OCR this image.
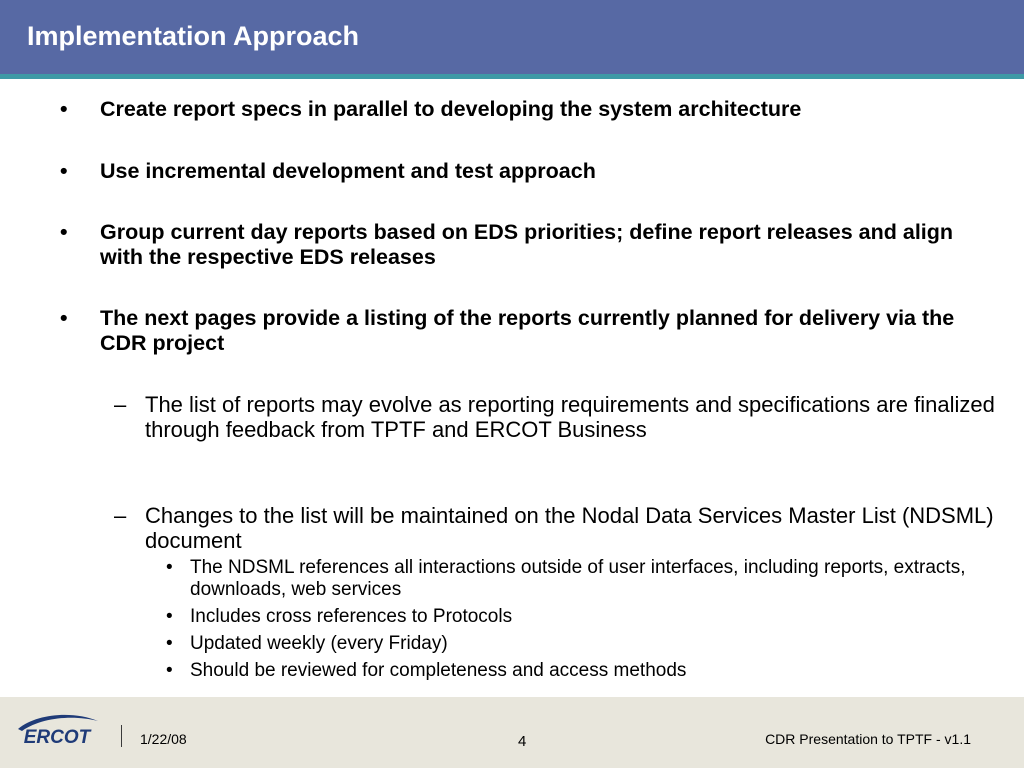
Implementation Approach
• Create report specs in parallel to developing the system architecture
• Use incremental development and test approach
• Group current day reports based on EDS priorities; define report releases and align with the respective EDS releases
• The next pages provide a listing of the reports currently planned for delivery via the CDR project
– The list of reports may evolve as reporting requirements and specifications are finalized through feedback from TPTF and ERCOT Business
– Changes to the list will be maintained on the Nodal Data Services Master List (NDSML) document
• The NDSML references all interactions outside of user interfaces, including reports, extracts, downloads, web services
• Includes cross references to Protocols
• Updated weekly (every Friday)
• Should be reviewed for completeness and access methods
ERCOT	1/22/08	4	CDR Presentation to TPTF - v1.1
